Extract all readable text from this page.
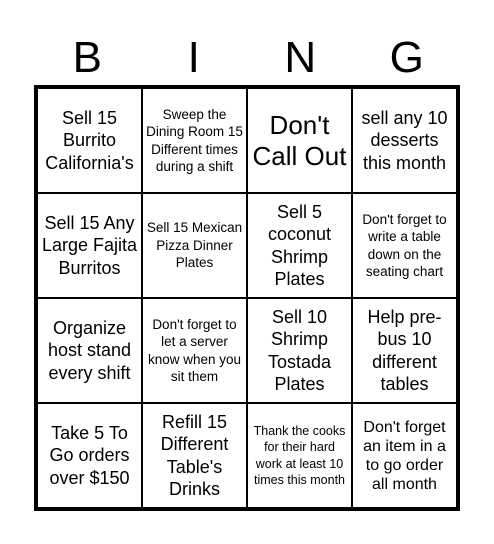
B	I	N	G
Sell 15 Burrito California's
Sweep the Dining Room 15 Different times during a shift
Don't Call Out
sell any 10 desserts this month
Sell 15 Any Large Fajita Burritos
Sell 15 Mexican Pizza Dinner Plates
Sell 5 coconut Shrimp Plates
Don't forget to write a table down on the seating chart
Organize host stand every shift
Don't forget to let a server know when you sit them
Sell 10 Shrimp Tostada Plates
Help pre-bus 10 different tables
Take 5 To Go orders over $150
Refill 15 Different Table's Drinks
Thank the cooks for their hard work at least 10 times this month
Don't forget an item in a to go order all month
